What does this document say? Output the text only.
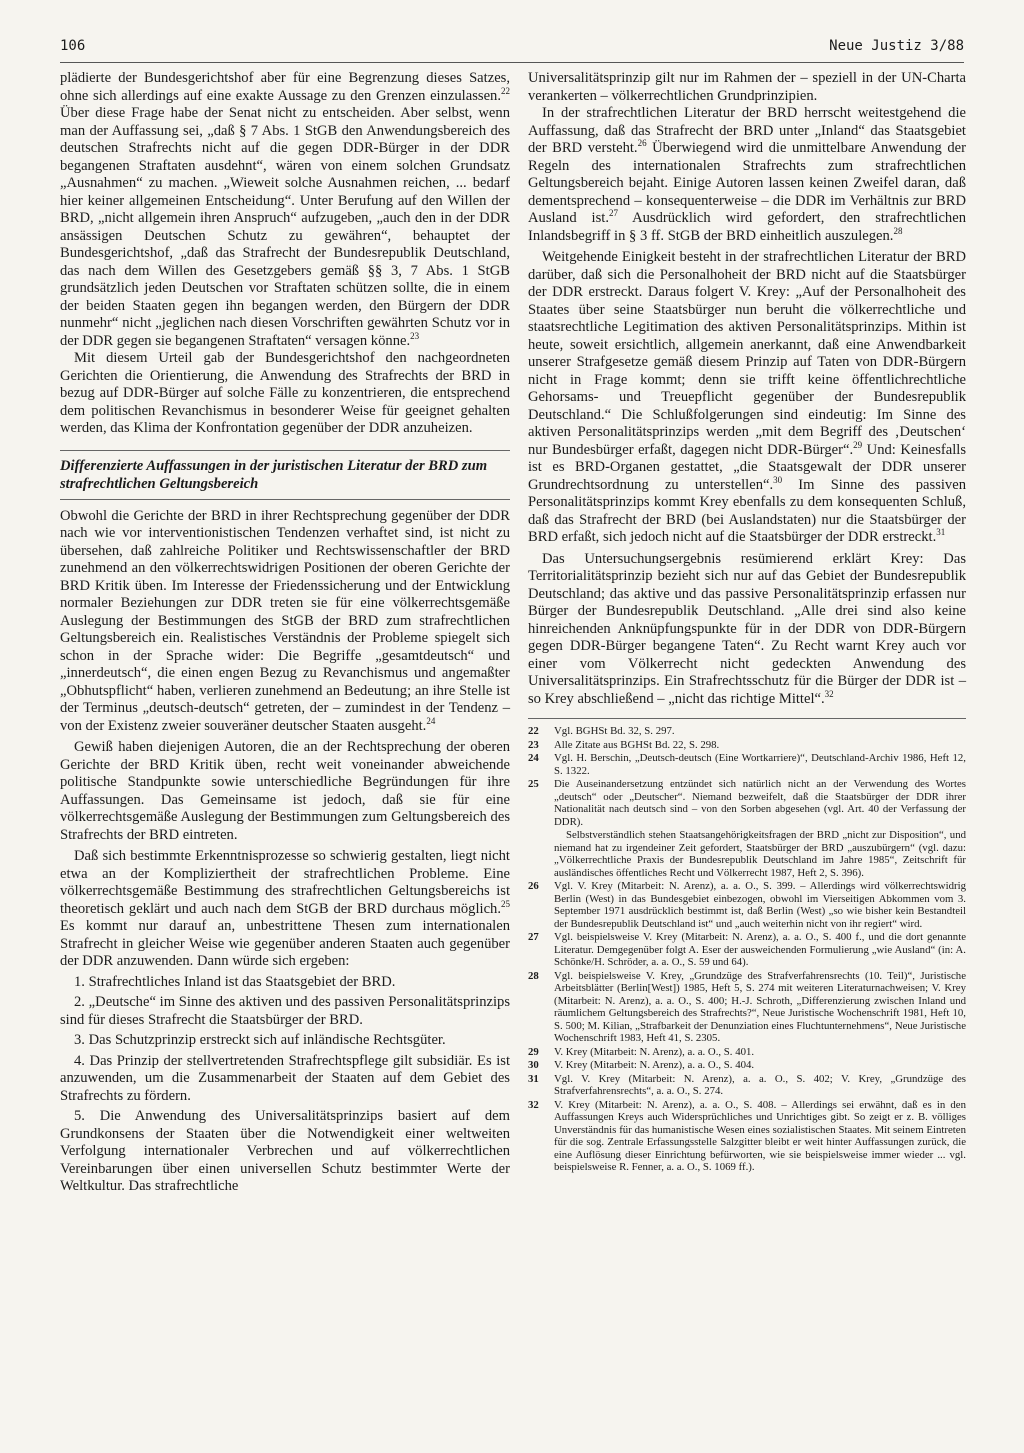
106	Neue Justiz 3/88

plädierte der Bundesgerichtshof aber für eine Begrenzung dieses Satzes, ohne sich allerdings auf eine exakte Aussage zu den Grenzen einzulassen.$^{22}$ Über diese Frage habe der Senat nicht zu entscheiden. Aber selbst, wenn man der Auffassung sei, „daß § 7 Abs. 1 StGB den Anwendungsbereich des deutschen Strafrechts nicht auf die gegen DDR-Bürger in der DDR begangenen Straftaten ausdehnt“, wären von einem solchen Grundsatz „Ausnahmen“ zu machen. „Wieweit solche Ausnahmen reichen, ... bedarf hier keiner allgemeinen Entscheidung“. Unter Berufung auf den Willen der BRD, „nicht allgemein ihren Anspruch“ aufzugeben, „auch den in der DDR ansässigen Deutschen Schutz zu gewähren“, behauptet der Bundesgerichtshof, „daß das Strafrecht der Bundesrepublik Deutschland, das nach dem Willen des Gesetzgebers gemäß §§ 3, 7 Abs. 1 StGB grundsätzlich jeden Deutschen vor Straftaten schützen sollte, die in einem der beiden Staaten gegen ihn begangen werden, den Bürgern der DDR nunmehr“ nicht „jeglichen nach diesen Vorschriften gewährten Schutz vor in der DDR gegen sie begangenen Straftaten“ versagen könne.$^{23}$

Mit diesem Urteil gab der Bundesgerichtshof den nachgeordneten Gerichten die Orientierung, die Anwendung des Strafrechts der BRD in bezug auf DDR-Bürger auf solche Fälle zu konzentrieren, die entsprechend dem politischen Revanchismus in besonderer Weise für geeignet gehalten werden, das Klima der Konfrontation gegenüber der DDR anzuheizen.

Differenzierte Auffassungen in der juristischen Literatur der BRD zum strafrechtlichen Geltungsbereich

Obwohl die Gerichte der BRD in ihrer Rechtsprechung gegenüber der DDR nach wie vor interventionistischen Tendenzen verhaftet sind, ist nicht zu übersehen, daß zahlreiche Politiker und Rechtswissenschaftler der BRD zunehmend an den völkerrechtswidrigen Positionen der oberen Gerichte der BRD Kritik üben. Im Interesse der Friedenssicherung und der Entwicklung normaler Beziehungen zur DDR treten sie für eine völkerrechtsgemäße Auslegung der Bestimmungen des StGB der BRD zum strafrechtlichen Geltungsbereich ein. Realistisches Verständnis der Probleme spiegelt sich schon in der Sprache wider: Die Begriffe „gesamtdeutsch“ und „innerdeutsch“, die einen engen Bezug zu Revanchismus und angemaßter „Obhutspflicht“ haben, verlieren zunehmend an Bedeutung; an ihre Stelle ist der Terminus „deutsch-deutsch“ getreten, der – zumindest in der Tendenz – von der Existenz zweier souveräner deutscher Staaten ausgeht.$^{24}$

Gewiß haben diejenigen Autoren, die an der Rechtsprechung der oberen Gerichte der BRD Kritik üben, recht weit voneinander abweichende politische Standpunkte sowie unterschiedliche Begründungen für ihre Auffassungen. Das Gemeinsame ist jedoch, daß sie für eine völkerrechtsgemäße Auslegung der Bestimmungen zum Geltungsbereich des Strafrechts der BRD eintreten.

Daß sich bestimmte Erkenntnisprozesse so schwierig gestalten, liegt nicht etwa an der Kompliziertheit der strafrechtlichen Probleme. Eine völkerrechtsgemäße Bestimmung des strafrechtlichen Geltungsbereichs ist theoretisch geklärt und auch nach dem StGB der BRD durchaus möglich.$^{25}$ Es kommt nur darauf an, unbestrittene Thesen zum internationalen Strafrecht in gleicher Weise wie gegenüber anderen Staaten auch gegenüber der DDR anzuwenden. Dann würde sich ergeben:

1. Strafrechtliches Inland ist das Staatsgebiet der BRD.

2. „Deutsche“ im Sinne des aktiven und des passiven Personalitätsprinzips sind für dieses Strafrecht die Staatsbürger der BRD.

3. Das Schutzprinzip erstreckt sich auf inländische Rechtsgüter.

4. Das Prinzip der stellvertretenden Strafrechtspflege gilt subsidiär. Es ist anzuwenden, um die Zusammenarbeit der Staaten auf dem Gebiet des Strafrechts zu fördern.

5. Die Anwendung des Universalitätsprinzips basiert auf dem Grundkonsens der Staaten über die Notwendigkeit einer weltweiten Verfolgung internationaler Verbrechen und auf völkerrechtlichen Vereinbarungen über einen universellen Schutz bestimmter Werte der Weltkultur. Das strafrechtliche

Universalitätsprinzip gilt nur im Rahmen der – speziell in der UN-Charta verankerten – völkerrechtlichen Grundprinzipien.

In der strafrechtlichen Literatur der BRD herrscht weitestgehend die Auffassung, daß das Strafrecht der BRD unter „Inland“ das Staatsgebiet der BRD versteht.$^{26}$ Überwiegend wird die unmittelbare Anwendung der Regeln des internationalen Strafrechts zum strafrechtlichen Geltungsbereich bejaht. Einige Autoren lassen keinen Zweifel daran, daß dementsprechend – konsequenterweise – die DDR im Verhältnis zur BRD Ausland ist.$^{27}$ Ausdrücklich wird gefordert, den strafrechtlichen Inlandsbegriff in § 3 ff. StGB der BRD einheitlich auszulegen.$^{28}$

Weitgehende Einigkeit besteht in der strafrechtlichen Literatur der BRD darüber, daß sich die Personalhoheit der BRD nicht auf die Staatsbürger der DDR erstreckt. Daraus folgert V. Krey: „Auf der Personalhoheit des Staates über seine Staatsbürger nun beruht die völkerrechtliche und staatsrechtliche Legitimation des aktiven Personalitätsprinzips. Mithin ist heute, soweit ersichtlich, allgemein anerkannt, daß eine Anwendbarkeit unserer Strafgesetze gemäß diesem Prinzip auf Taten von DDR-Bürgern nicht in Frage kommt; denn sie trifft keine öffentlichrechtliche Gehorsams- und Treuepflicht gegenüber der Bundesrepublik Deutschland.“ Die Schlußfolgerungen sind eindeutig: Im Sinne des aktiven Personalitätsprinzips werden „mit dem Begriff des ‚Deutschen‘ nur Bundesbürger erfaßt, dagegen nicht DDR-Bürger“.$^{29}$ Und: Keinesfalls ist es BRD-Organen gestattet, „die Staatsgewalt der DDR unserer Grundrechtsordnung zu unterstellen“.$^{30}$ Im Sinne des passiven Personalitätsprinzips kommt Krey ebenfalls zu dem konsequenten Schluß, daß das Strafrecht der BRD (bei Auslandstaten) nur die Staatsbürger der BRD erfaßt, sich jedoch nicht auf die Staatsbürger der DDR erstreckt.$^{31}$

Das Untersuchungsergebnis resümierend erklärt Krey: Das Territorialitätsprinzip bezieht sich nur auf das Gebiet der Bundesrepublik Deutschland; das aktive und das passive Personalitätsprinzip erfassen nur Bürger der Bundesrepublik Deutschland. „Alle drei sind also keine hinreichenden Anknüpfungspunkte für in der DDR von DDR-Bürgern gegen DDR-Bürger begangene Taten“. Zu Recht warnt Krey auch vor einer vom Völkerrecht nicht gedeckten Anwendung des Universalitätsprinzips. Ein Strafrechtsschutz für die Bürger der DDR ist – so Krey abschließend – „nicht das richtige Mittel“.$^{32}$

22	Vgl. BGHSt Bd. 32, S. 297.
23	Alle Zitate aus BGHSt Bd. 22, S. 298.
24	Vgl. H. Berschin, „Deutsch-deutsch (Eine Wortkarriere)“, Deutschland-Archiv 1986, Heft 12, S. 1322.
25	Die Auseinandersetzung entzündet sich natürlich nicht an der Verwendung des Wortes „deutsch“ oder „Deutscher“. Niemand bezweifelt, daß die Staatsbürger der DDR ihrer Nationalität nach deutsch sind – von den Sorben abgesehen (vgl. Art. 40 der Verfassung der DDR).
Selbstverständlich stehen Staatsangehörigkeitsfragen der BRD „nicht zur Disposition“, und niemand hat zu irgendeiner Zeit gefordert, Staatsbürger der BRD „auszubürgern“ (vgl. dazu: „Völkerrechtliche Praxis der Bundesrepublik Deutschland im Jahre 1985“, Zeitschrift für ausländisches öffentliches Recht und Völkerrecht 1987, Heft 2, S. 396).
26	Vgl. V. Krey (Mitarbeit: N. Arenz), a. a. O., S. 399. – Allerdings wird völkerrechtswidrig Berlin (West) in das Bundesgebiet einbezogen, obwohl im Vierseitigen Abkommen vom 3. September 1971 ausdrücklich bestimmt ist, daß Berlin (West) „so wie bisher kein Bestandteil der Bundesrepublik Deutschland ist“ und „auch weiterhin nicht von ihr regiert“ wird.
27	Vgl. beispielsweise V. Krey (Mitarbeit: N. Arenz), a. a. O., S. 400 f., und die dort genannte Literatur. Demgegenüber folgt A. Eser der ausweichenden Formulierung „wie Ausland“ (in: A. Schönke/H. Schröder, a. a. O., S. 59 und 64).
28	Vgl. beispielsweise V. Krey, „Grundzüge des Strafverfahrensrechts (10. Teil)“, Juristische Arbeitsblätter (Berlin[West]) 1985, Heft 5, S. 274 mit weiteren Literaturnachweisen; V. Krey (Mitarbeit: N. Arenz), a. a. O., S. 400; H.-J. Schroth, „Differenzierung zwischen Inland und räumlichem Geltungsbereich des Strafrechts?“, Neue Juristische Wochenschrift 1981, Heft 10, S. 500; M. Kilian, „Strafbarkeit der Denunziation eines Fluchtunternehmens“, Neue Juristische Wochenschrift 1983, Heft 41, S. 2305.
29	V. Krey (Mitarbeit: N. Arenz), a. a. O., S. 401.
30	V. Krey (Mitarbeit: N. Arenz), a. a. O., S. 404.
31	Vgl. V. Krey (Mitarbeit: N. Arenz), a. a. O., S. 402; V. Krey, „Grundzüge des Strafverfahrensrechts“, a. a. O., S. 274.
32	V. Krey (Mitarbeit: N. Arenz), a. a. O., S. 408. – Allerdings sei erwähnt, daß es in den Auffassungen Kreys auch Widersprüchliches und Unrichtiges gibt. So zeigt er z. B. völliges Unverständnis für das humanistische Wesen eines sozialistischen Staates. Mit seinem Eintreten für die sog. Zentrale Erfassungsstelle Salzgitter bleibt er weit hinter Auffassungen zurück, die eine Auflösung dieser Einrichtung befürworten, wie sie beispielsweise immer wieder ... vgl. beispielsweise R. Fenner, a. a. O., S. 1069 ff.).
